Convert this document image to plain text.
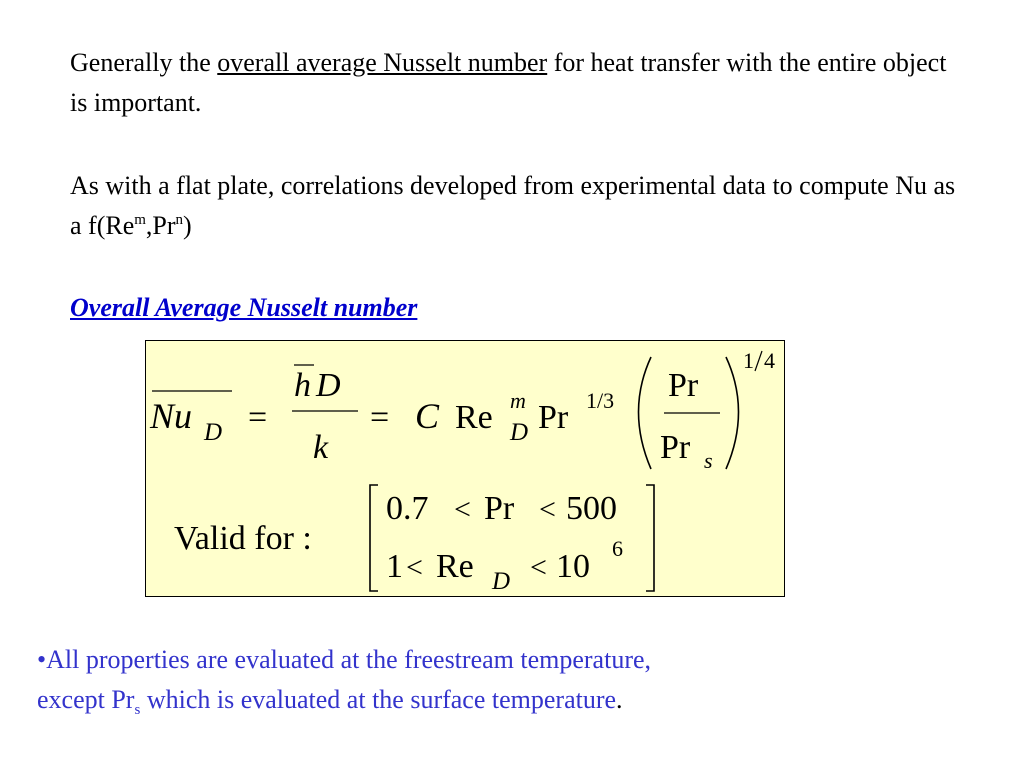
Generally the overall average Nusselt number for heat transfer with the entire object is important.
As with a flat plate, correlations developed from experimental data to compute Nu as a f(Re$^m$,Pr$^n$)
Overall Average Nusselt number
Nu D =
h D
k
= C Re m
D Pr 1/3 Pr
Pr s
1 4
Valid for :
0.7 < Pr < 500
1 < Re D < 10 6
•All properties are evaluated at the freestream temperature,
except $Pr_s$ which is evaluated at the surface temperature.
